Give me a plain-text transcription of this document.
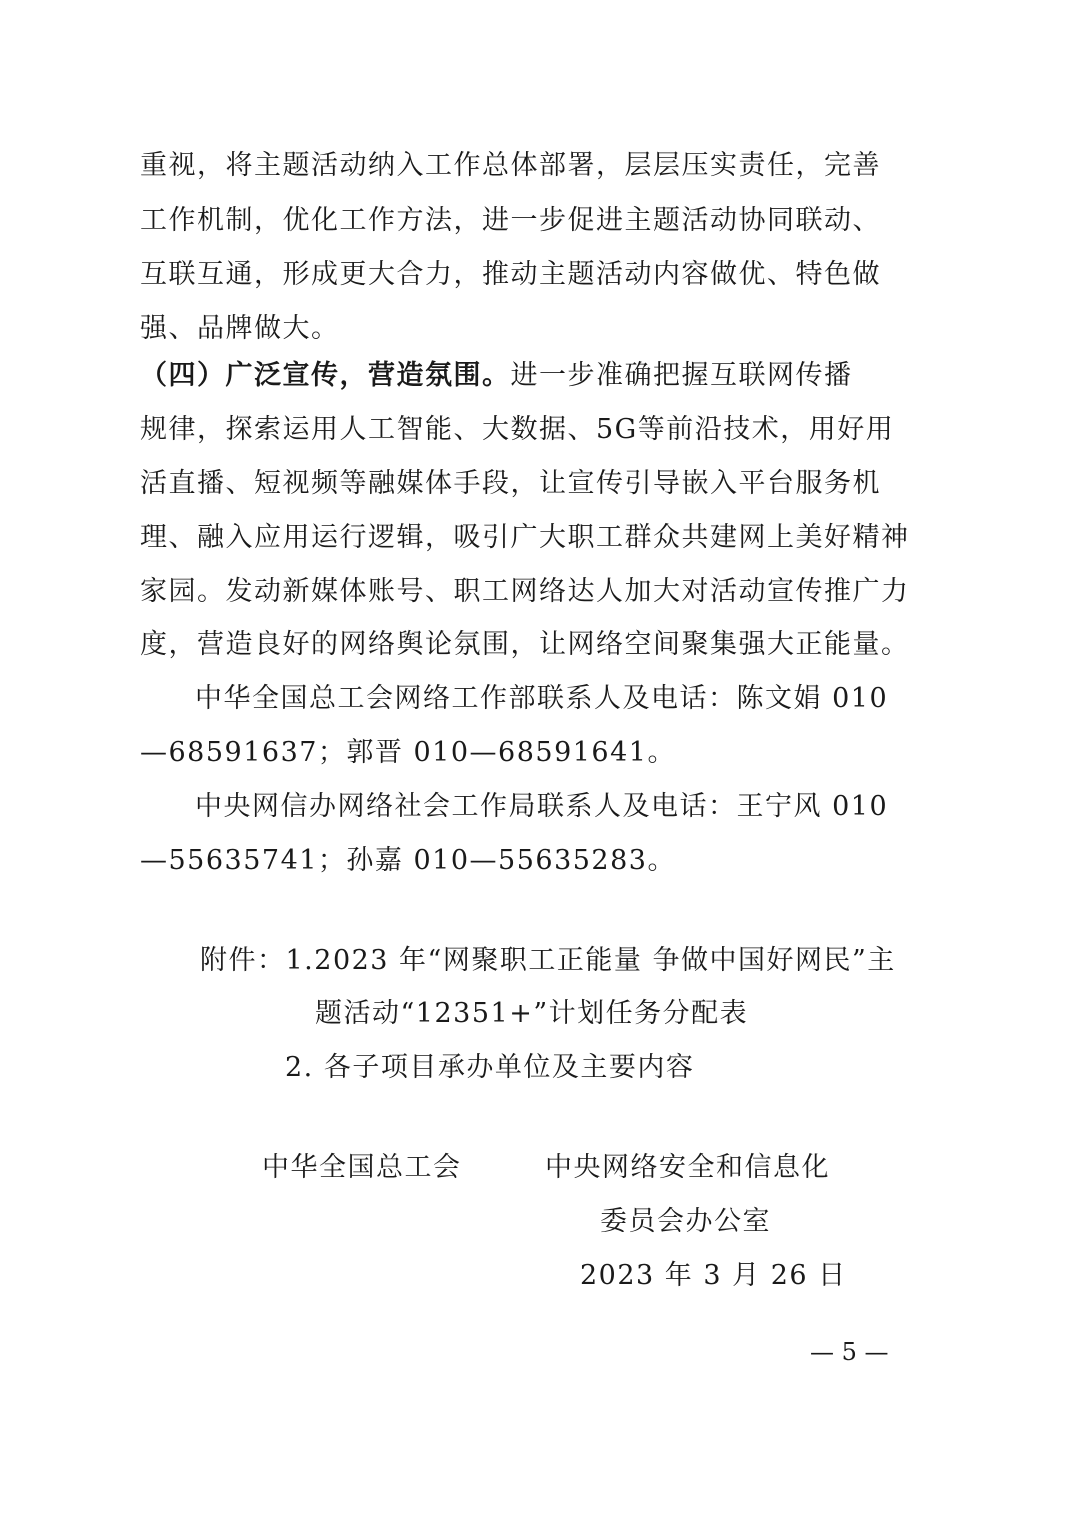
重视，将主题活动纳入工作总体部署，层层压实责任，完善
工作机制，优化工作方法，进一步促进主题活动协同联动、
互联互通，形成更大合力，推动主题活动内容做优、特色做
强、品牌做大。
（四）广泛宣传，营造氛围。进一步准确把握互联网传播
规律，探索运用人工智能、大数据、5G等前沿技术，用好用
活直播、短视频等融媒体手段，让宣传引导嵌入平台服务机
理、融入应用运行逻辑，吸引广大职工群众共建网上美好精神
家园。发动新媒体账号、职工网络达人加大对活动宣传推广力
度，营造良好的网络舆论氛围，让网络空间聚集强大正能量。
中华全国总工会网络工作部联系人及电话：陈文娟 010
—68591637；郭晋 010—68591641。
中央网信办网络社会工作局联系人及电话：王宁风 010
—55635741；孙嘉 010—55635283。
附件：1.2023 年“网聚职工正能量 争做中国好网民”主
题活动“12351+”计划任务分配表
2. 各子项目承办单位及主要内容
中华全国总工会	中央网络安全和信息化
委员会办公室
2023 年 3 月 26 日
— 5 —
